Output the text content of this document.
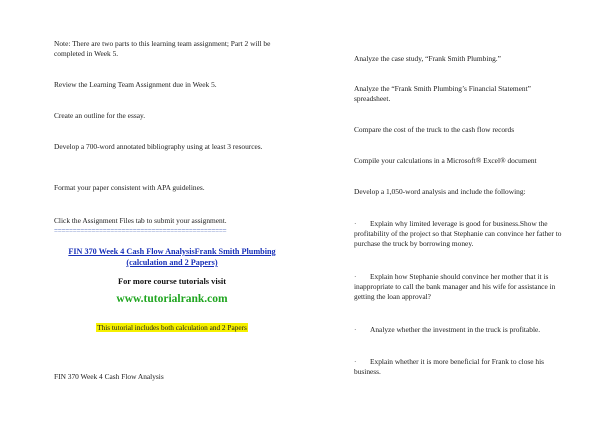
Note: There are two parts to this learning team assignment; Part 2 will be completed in Week 5.

Review the Learning Team Assignment due in Week 5.

Create an outline for the essay.

Develop a 700-word annotated bibliography using at least 3 resources.

Format your paper consistent with APA guidelines.

Click the Assignment Files tab to submit your assignment.

==============================================

FIN 370 Week 4 Cash Flow AnalysisFrank Smith Plumbing (calculation and 2 Papers)

For more course tutorials visit

www.tutorialrank.com

This tutorial includes both calculation and 2 Papers

FIN 370 Week 4 Cash Flow Analysis

Analyze the case study, “Frank Smith Plumbing.”

Analyze the “Frank Smith Plumbing’s Financial Statement” spreadsheet.

Compare the cost of the truck to the cash flow records

Compile your calculations in a Microsoft® Excel® document

Develop a 1,050-word analysis and include the following:

· Explain why limited leverage is good for business.Show the profitability of the project so that Stephanie can convince her father to purchase the truck by borrowing money.

· Explain how Stephanie should convince her mother that it is inappropriate to call the bank manager and his wife for assistance in getting the loan approval?

· Analyze whether the investment in the truck is profitable.

· Explain whether it is more beneficial for Frank to close his business.
